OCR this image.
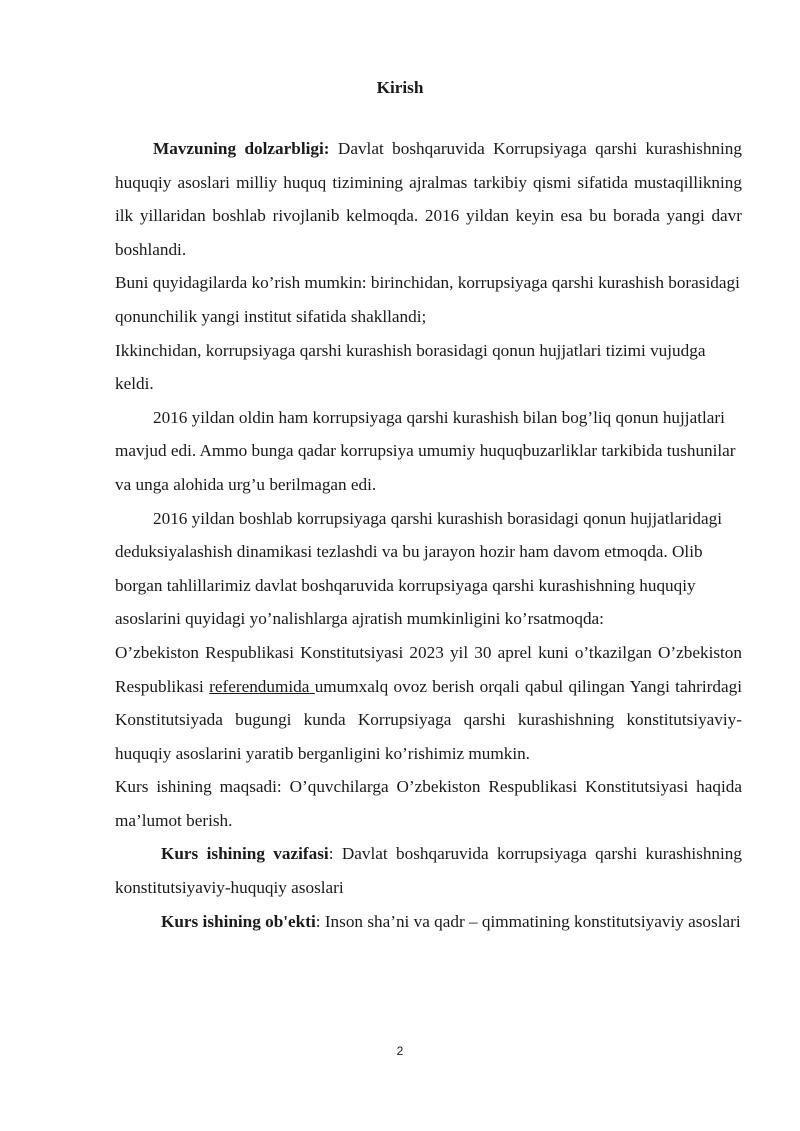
Kirish

Mavzuning dolzarbligi: Davlat boshqaruvida Korrupsiyaga qarshi kurashishning huquqiy asoslari milliy huquq tizimining ajralmas tarkibiy qismi sifatida mustaqillikning ilk yillaridan boshlab rivojlanib kelmoqda. 2016 yildan keyin esa bu borada yangi davr boshlandi.

Buni quyidagilarda ko’rish mumkin: birinchidan, korrupsiyaga qarshi kurashish borasidagi qonunchilik yangi institut sifatida shakllandi;

Ikkinchidan, korrupsiyaga qarshi kurashish borasidagi qonun hujjatlari tizimi vujudga keldi.

2016 yildan oldin ham korrupsiyaga qarshi kurashish bilan bog’liq qonun hujjatlari mavjud edi. Ammo bunga qadar korrupsiya umumiy huquqbuzarliklar tarkibida tushunilar va unga alohida urg’u berilmagan edi.

2016 yildan boshlab korrupsiyaga qarshi kurashish borasidagi qonun hujjatlaridagi deduksiyalashish dinamikasi tezlashdi va bu jarayon hozir ham davom etmoqda. Olib borgan tahlillarimiz davlat boshqaruvida korrupsiyaga qarshi kurashishning huquqiy asoslarini quyidagi yo’nalishlarga ajratish mumkinligini ko’rsatmoqda:

O’zbekiston Respublikasi Konstitutsiyasi 2023 yil 30 aprel kuni o’tkazilgan O’zbekiston Respublikasi referendumida umumxalq ovoz berish orqali qabul qilingan Yangi tahrirdagi Konstitutsiyada bugungi kunda Korrupsiyaga qarshi kurashishning konstitutsiyaviy-huquqiy asoslarini yaratib berganligini ko’rishimiz mumkin.

Kurs ishining maqsadi: O’quvchilarga O’zbekiston Respublikasi Konstitutsiyasi haqida ma’lumot berish.

Kurs ishining vazifasi: Davlat boshqaruvida korrupsiyaga qarshi kurashishning konstitutsiyaviy-huquqiy asoslari

Kurs ishining ob'ekti: Inson sha’ni va qadr – qimmatining konstitutsiyaviy asoslari

2
